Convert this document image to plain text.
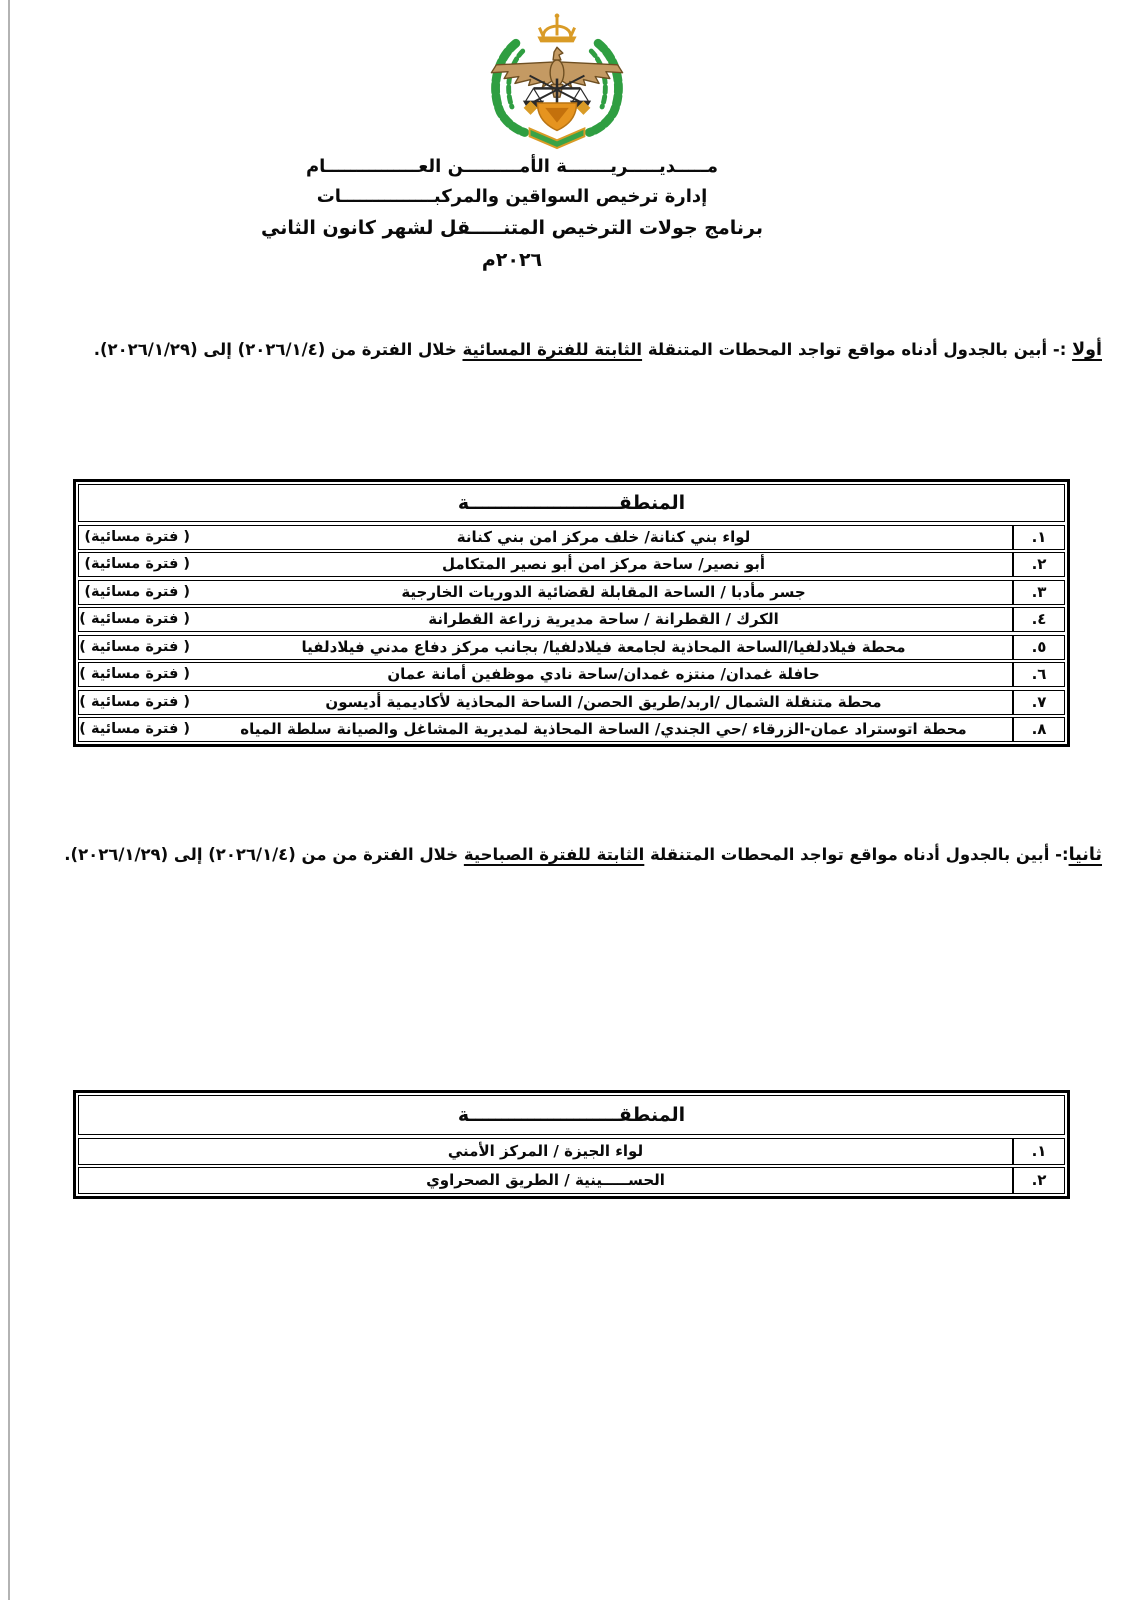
مـــــديـــــريـــــــة الأمـــــــــن العـــــــــــــــام
إدارة ترخيص السواقين والمركبـــــــــــــــات
برنامج جولات الترخيص المتنـــــقل لشهر كانون الثاني ٢٠٢٦م
أولا :- أبين بالجدول أدناه مواقع تواجد المحطات المتنقلة الثابتة للفترة المسائية خلال الفترة من (٢٠٢٦/١/٤) إلى (٢٠٢٦/١/٢٩).
المنطقـــــــــــــــــــــــة
( فترة مسائية)	لواء بني كنانة/ خلف مركز امن بني كنانة	١.
( فترة مسائية)	أبو نصير/ ساحة مركز امن أبو نصير المتكامل	٢.
( فترة مسائية)	جسر مأدبا / الساحة المقابلة لقضائية الدوريات الخارجية	٣.
( فترة مسائية )	الكرك / القطرانة / ساحة مديرية زراعة القطرانة	٤.
( فترة مسائية )	محطة فيلادلفيا/الساحة المحاذية لجامعة فيلادلفيا/ بجانب مركز دفاع مدني فيلادلفيا	٥.
( فترة مسائية )	حافلة غمدان/ منتزه غمدان/ساحة نادي موظفين أمانة عمان	٦.
( فترة مسائية )	محطة متنقلة الشمال /اربد/طريق الحصن/ الساحة المحاذية لأكاديمية أديسون	٧.
( فترة مسائية )	محطة اتوستراد عمان-الزرقاء /حي الجندي/ الساحة المحاذية لمديرية المشاغل والصيانة سلطة المياه	٨.
ثانيا:- أبين بالجدول أدناه مواقع تواجد المحطات المتنقلة الثابتة للفترة الصباحية خلال الفترة من من (٢٠٢٦/١/٤) إلى (٢٠٢٦/١/٢٩).
المنطقـــــــــــــــــــــــة
لواء الجيزة / المركز الأمني	١.
الحســـــينية / الطريق الصحراوي	٢.
